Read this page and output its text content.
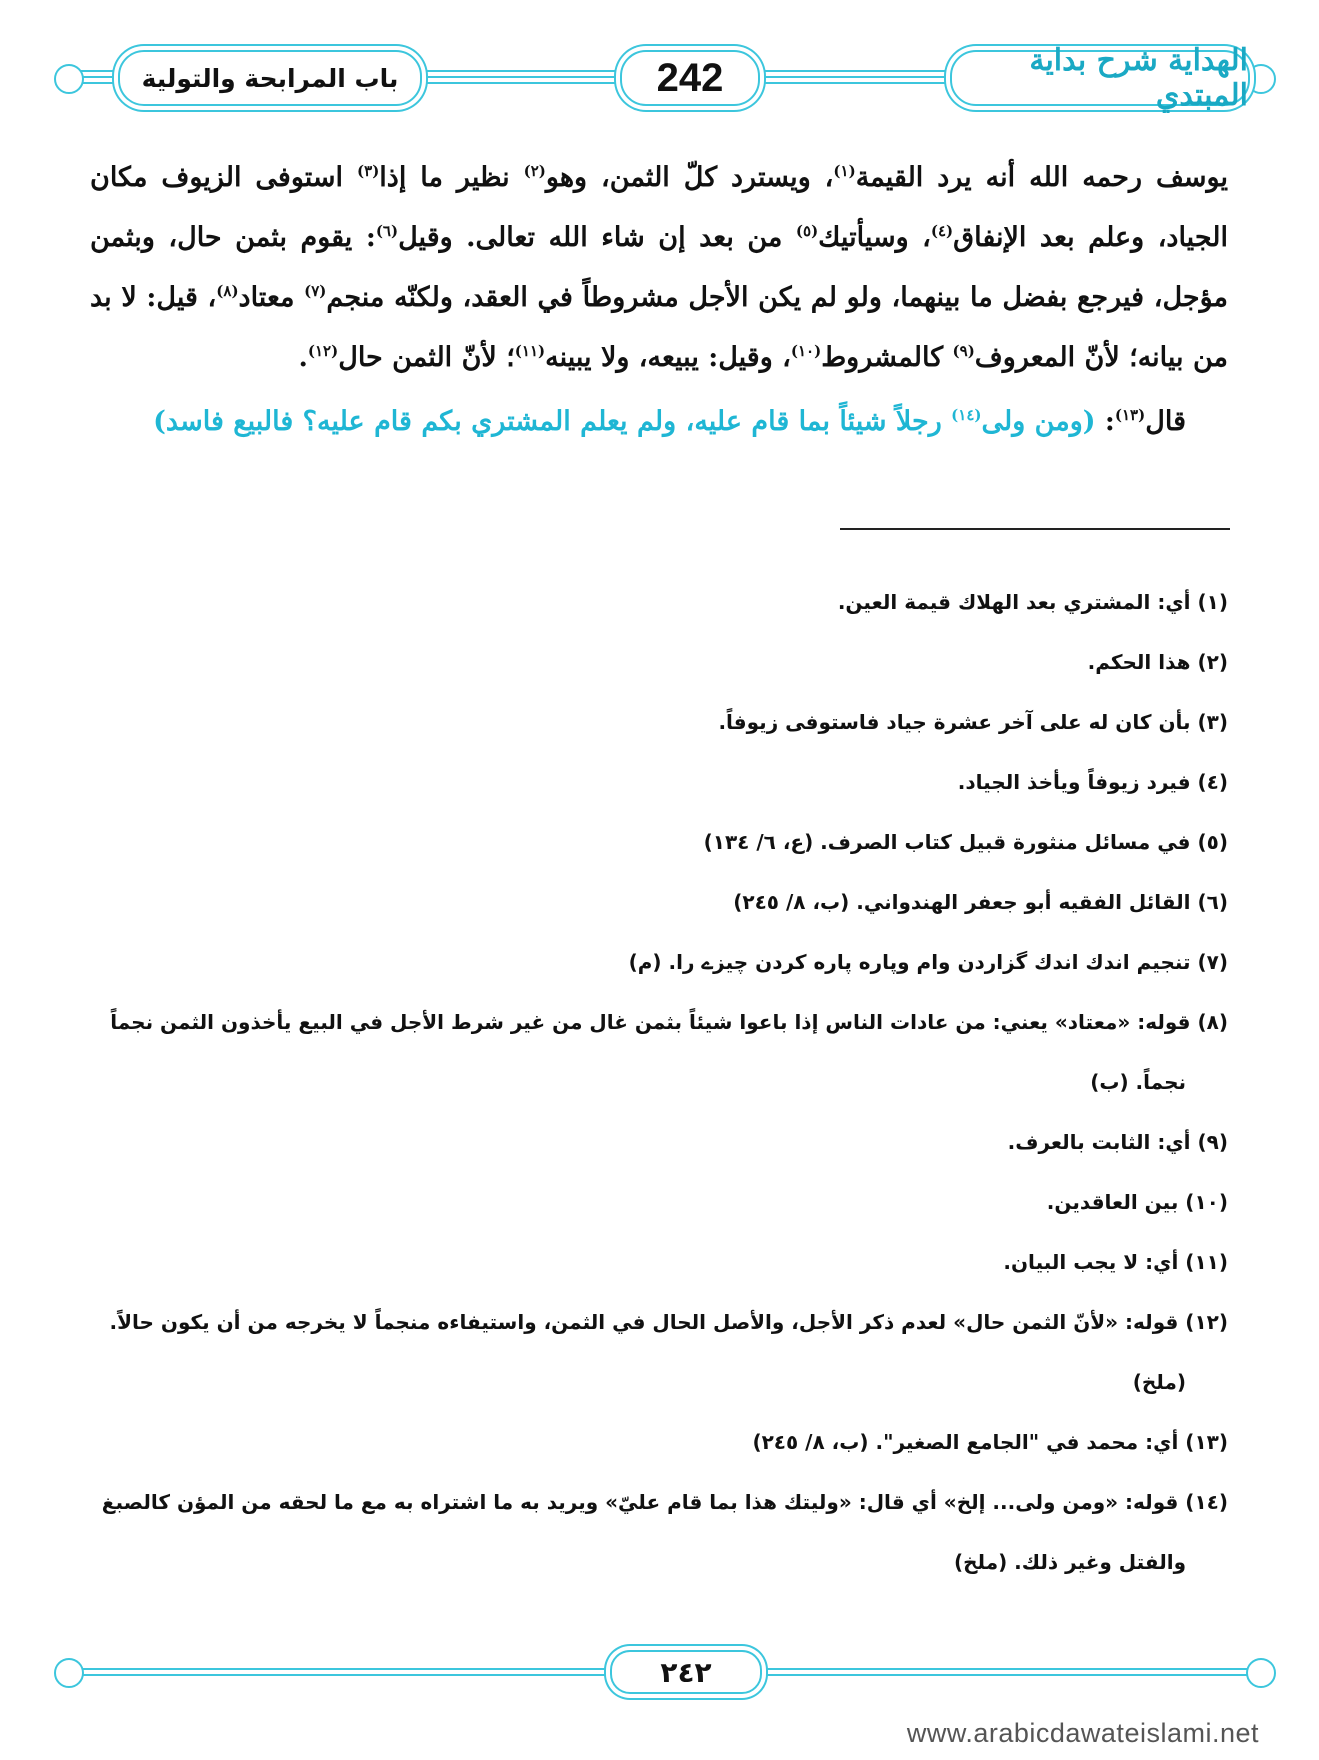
باب المرابحة والتولية	242	الهداية شرح بداية المبتدي

يوسف رحمه الله أنه يرد القيمة$^{(١)}$، ويسترد كلّ الثمن، وهو$^{(٢)}$ نظير ما إذا$^{(٣)}$ استوفى الزيوف مكان الجياد، وعلم بعد الإنفاق$^{(٤)}$، وسيأتيك$^{(٥)}$ من بعد إن شاء الله تعالى. وقيل$^{(٦)}$: يقوم بثمن حال، وبثمن مؤجل، فيرجع بفضل ما بينهما، ولو لم يكن الأجل مشروطاً في العقد، ولكنّه منجم$^{(٧)}$ معتاد$^{(٨)}$، قيل: لا بد من بيانه؛ لأنّ المعروف$^{(٩)}$ كالمشروط$^{(١٠)}$، وقيل: يبيعه، ولا يبينه$^{(١١)}$؛ لأنّ الثمن حال$^{(١٢)}$.

قال$^{(١٣)}$: (ومن ولى$^{(١٤)}$ رجلاً شيئاً بما قام عليه، ولم يعلم المشتري بكم قام عليه؟ فالبيع فاسد)

(١) أي: المشتري بعد الهلاك قيمة العين.

(٢) هذا الحكم.

(٣) بأن كان له على آخر عشرة جياد فاستوفى زيوفاً.

(٤) فيرد زيوفاً ويأخذ الجياد.

(٥) في مسائل منثورة قبيل كتاب الصرف. (ع، ٦/ ١٣٤)

(٦) القائل الفقيه أبو جعفر الهندواني. (ب، ٨/ ٢٤٥)

(٧) تنجيم اندك اندك گزاردن وام وپاره پاره كردن چيزے را. (م)

(٨) قوله: «معتاد» يعني: من عادات الناس إذا باعوا شيئاً بثمن غال من غير شرط الأجل في البيع يأخذون الثمن نجماً
نجماً. (ب)

(٩) أي: الثابت بالعرف.

(١٠) بين العاقدين.

(١١) أي: لا يجب البيان.

(١٢) قوله: «لأنّ الثمن حال» لعدم ذكر الأجل، والأصل الحال في الثمن، واستيفاءه منجماً لا يخرجه من أن يكون حالاً.
(ملخ)

(١٣) أي: محمد في "الجامع الصغير". (ب، ٨/ ٢٤٥)

(١٤) قوله: «ومن ولى... إلخ» أي قال: «وليتك هذا بما قام عليّ» ويريد به ما اشتراه به مع ما لحقه من المؤن كالصبغ
والفتل وغير ذلك. (ملخ)

٢٤٢
www.arabicdawateislami.net
